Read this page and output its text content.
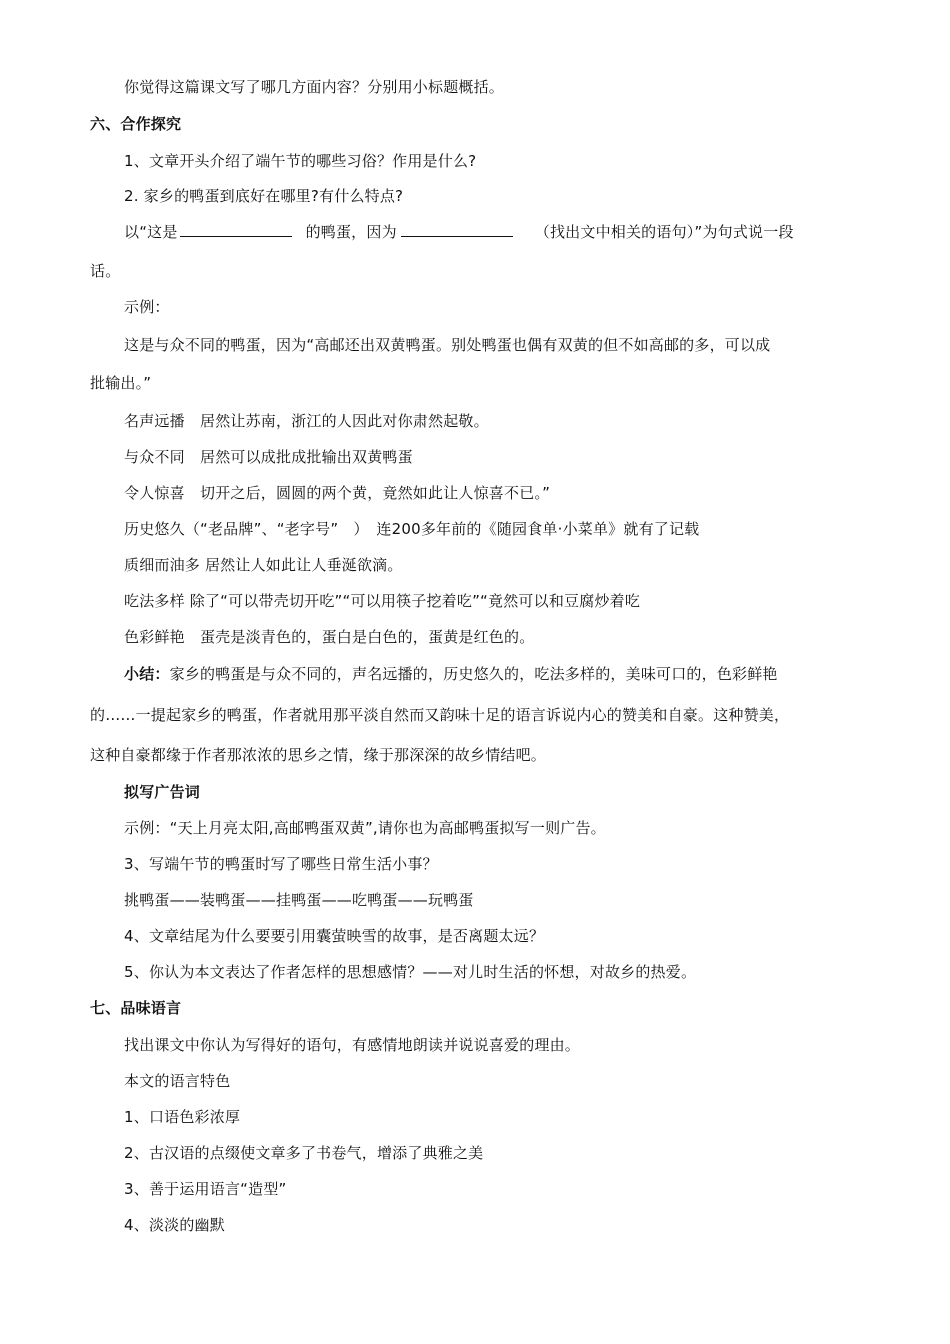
你觉得这篇课文写了哪几方面内容？分别用小标题概括。
六、合作探究
1、文章开头介绍了端午节的哪些习俗？作用是什么?
2. 家乡的鸭蛋到底好在哪里?有什么特点?
以“这是	的鸭蛋，因为	（找出文中相关的语句）”为句式说一段
话。
示例：
这是与众不同的鸭蛋，因为“高邮还出双黄鸭蛋。别处鸭蛋也偶有双黄的但不如高邮的多，可以成
批输出。”
名声远播　居然让苏南，浙江的人因此对你肃然起敬。
与众不同　居然可以成批成批输出双黄鸭蛋
令人惊喜　切开之后，圆圆的两个黄，竟然如此让人惊喜不已。”
历史悠久（“老品牌”、“老字号”　）　连200多年前的《随园食单·小菜单》就有了记载
质细而油多 居然让人如此让人垂涎欲滴。
吃法多样 除了“可以带壳切开吃”“可以用筷子挖着吃”“竟然可以和豆腐炒着吃
色彩鲜艳　蛋壳是淡青色的，蛋白是白色的，蛋黄是红色的。
小结：家乡的鸭蛋是与众不同的，声名远播的，历史悠久的，吃法多样的，美味可口的，色彩鲜艳
的……一提起家乡的鸭蛋，作者就用那平淡自然而又韵味十足的语言诉说内心的赞美和自豪。这种赞美，
这种自豪都缘于作者那浓浓的思乡之情，缘于那深深的故乡情结吧。
拟写广告词
示例：“天上月亮太阳,高邮鸭蛋双黄”,请你也为高邮鸭蛋拟写一则广告。
3、写端午节的鸭蛋时写了哪些日常生活小事？
挑鸭蛋——装鸭蛋——挂鸭蛋——吃鸭蛋——玩鸭蛋
4、文章结尾为什么要要引用囊萤映雪的故事，是否离题太远？
5、你认为本文表达了作者怎样的思想感情？——对儿时生活的怀想，对故乡的热爱。
七、品味语言
找出课文中你认为写得好的语句，有感情地朗读并说说喜爱的理由。
本文的语言特色
1、口语色彩浓厚
2、古汉语的点缀使文章多了书卷气，增添了典雅之美
3、善于运用语言“造型”
4、淡淡的幽默
